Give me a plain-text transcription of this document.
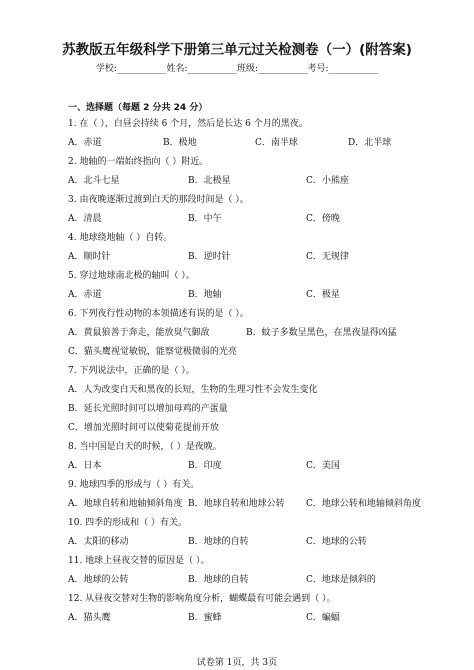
苏教版五年级科学下册第三单元过关检测卷（一）(附答案)
学校:___________姓名:___________班级:___________考号:___________
一、选择题（每题 2 分共 24 分）
1. 在（ ），白昼会持续 6 个月，然后是长达 6 个月的黑夜。
A．赤道	B．极地	C．南半球	D．北半球
2. 地轴的一端始终指向（ ）附近。
A．北斗七星	B．北极星	C．小熊座
3. 由夜晚逐渐过渡到白天的那段时间是（ ）。
A．清晨	B．中午	C．傍晚
4. 地球绕地轴（ ）自转。
A．顺时针	B．逆时针	C．无规律
5. 穿过地球南北极的轴叫（ ）。
A．赤道	B．地轴	C．极星
6. 下列夜行性动物的本领描述有误的是（ ）。
A．黄鼠狼善于奔走，能放臭气御敌	B．蚊子多数呈黑色，在黑夜显得凶猛
C．猫头鹰视觉敏锐，能察觉极微弱的光亮
7. 下列说法中，正确的是（ ）。
A．人为改变白天和黑夜的长短，生物的生理习性不会发生变化
B．延长光照时间可以增加母鸡的产蛋量
C．增加光照时间可以使菊花提前开放
8. 当中国是白天的时候，（ ）是夜晚。
A．日本	B．印度	C．美国
9. 地球四季的形成与（ ）有关。
A．地球自转和地轴倾斜角度 B．地球自转和地球公转 C．地球公转和地轴倾斜角度
10. 四季的形成和（ ）有关。
A．太阳的移动	B．地球的自转	C．地球的公转
11. 地球上昼夜交替的原因是（ ）。
A．地球的公转	B．地球的自转	C．地球是倾斜的
12. 从昼夜交替对生物的影响角度分析，蝴蝶最有可能会遇到（ ）。
A．猫头鹰	B．蜜蜂	C．蝙蝠
试卷第 1页，共 3页
